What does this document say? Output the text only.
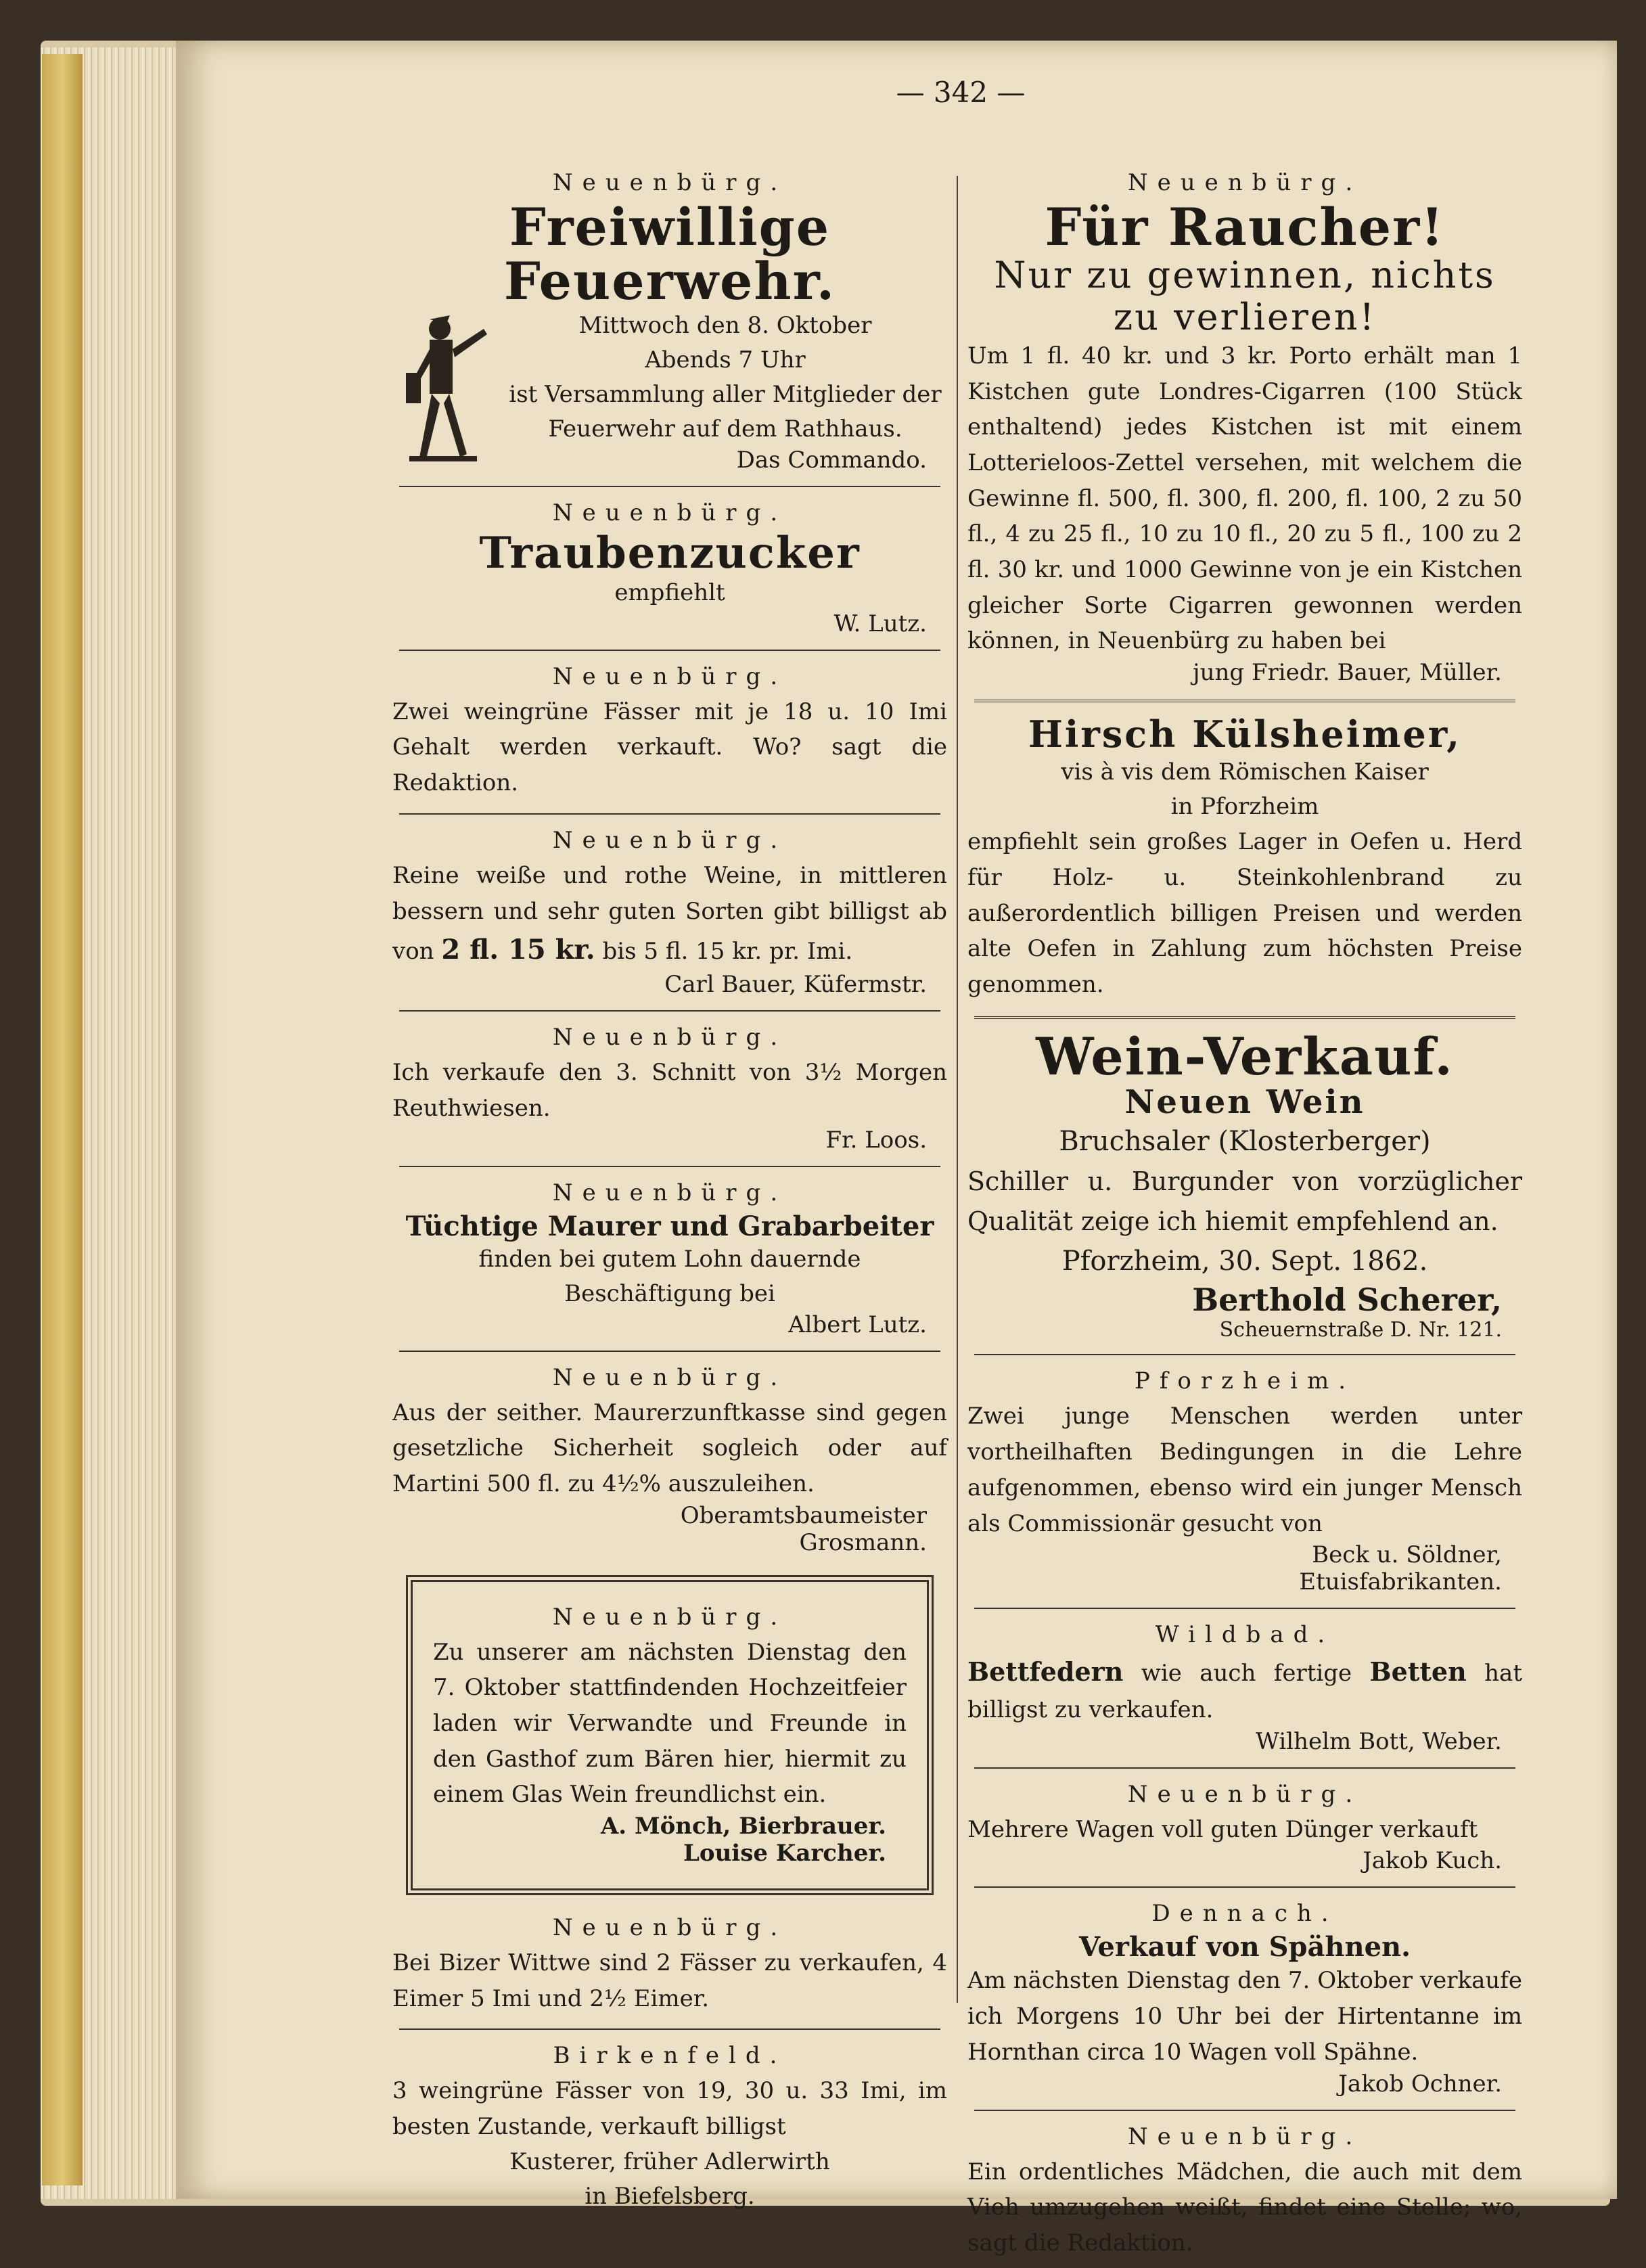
— 342 —
Neuenbürg.
Freiwillige Feuerwehr.
Mittwoch den 8. Oktober
Abends 7 Uhr
ist Versammlung aller Mitglieder der
Feuerwehr auf dem Rathhaus.
Das Commando.
Neuenbürg.
Traubenzucker
empfiehlt
W. Lutz.
Neuenbürg.
Zwei weingrüne Fässer mit je 18 u. 10 Imi Gehalt werden verkauft. Wo? sagt die Redaktion.
Neuenbürg.
Reine weiße und rothe Weine, in mittleren bessern und sehr guten Sorten gibt billigst ab von 2 fl. 15 kr. bis 5 fl. 15 kr. pr. Imi.
Carl Bauer, Küfermstr.
Neuenbürg.
Ich verkaufe den 3. Schnitt von 3½ Morgen Reuthwiesen.
Fr. Loos.
Neuenbürg.
Tüchtige Maurer und Grabarbeiter
finden bei gutem Lohn dauernde Beschäftigung bei
Albert Lutz.
Neuenbürg.
Aus der seither. Maurerzunftkasse sind gegen gesetzliche Sicherheit sogleich oder auf Martini 500 fl. zu 4½% auszuleihen.
Oberamtsbaumeister
Grosmann.
Neuenbürg.
Zu unserer am nächsten Dienstag den 7. Oktober stattfindenden Hochzeitfeier laden wir Verwandte und Freunde in den Gasthof zum Bären hier, hiermit zu einem Glas Wein freundlichst ein.
A. Mönch, Bierbrauer.
Louise Karcher.
Neuenbürg.
Bei Bizer Wittwe sind 2 Fässer zu verkaufen, 4 Eimer 5 Imi und 2½ Eimer.
Birkenfeld.
3 weingrüne Fässer von 19, 30 u. 33 Imi, im besten Zustande, verkauft billigst
Kusterer, früher Adlerwirth
in Biefelsberg.
Neuenbürg.
Für Raucher!
Nur zu gewinnen, nichts zu verlieren!
Um 1 fl. 40 kr. und 3 kr. Porto erhält man 1 Kistchen gute Londres-Cigarren (100 Stück enthaltend) jedes Kistchen ist mit einem Lotterieloos-Zettel versehen, mit welchem die Gewinne fl. 500, fl. 300, fl. 200, fl. 100, 2 zu 50 fl., 4 zu 25 fl., 10 zu 10 fl., 20 zu 5 fl., 100 zu 2 fl. 30 kr. und 1000 Gewinne von je ein Kistchen gleicher Sorte Cigarren gewonnen werden können, in Neuenbürg zu haben bei
jung Friedr. Bauer, Müller.
Hirsch Külsheimer,
vis à vis dem Römischen Kaiser
in Pforzheim
empfiehlt sein großes Lager in Oefen u. Herd für Holz- u. Steinkohlenbrand zu außerordentlich billigen Preisen und werden alte Oefen in Zahlung zum höchsten Preise genommen.
Wein-Verkauf.
Neuen Wein
Bruchsaler (Klosterberger)
Schiller u. Burgunder von vorzüglicher Qualität zeige ich hiemit empfehlend an.
Pforzheim, 30. Sept. 1862.
Berthold Scherer,
Scheuernstraße D. Nr. 121.
Pforzheim.
Zwei junge Menschen werden unter vortheilhaften Bedingungen in die Lehre aufgenommen, ebenso wird ein junger Mensch als Commissionär gesucht von
Beck u. Söldner,
Etuisfabrikanten.
Wildbad.
Bettfedern wie auch fertige Betten hat billigst zu verkaufen.
Wilhelm Bott, Weber.
Neuenbürg.
Mehrere Wagen voll guten Dünger verkauft
Jakob Kuch.
Dennach.
Verkauf von Spähnen.
Am nächsten Dienstag den 7. Oktober verkaufe ich Morgens 10 Uhr bei der Hirtentanne im Hornthan circa 10 Wagen voll Spähne.
Jakob Ochner.
Neuenbürg.
Ein ordentliches Mädchen, die auch mit dem Vieh umzugehen weißt, findet eine Stelle; wo, sagt die Redaktion.
